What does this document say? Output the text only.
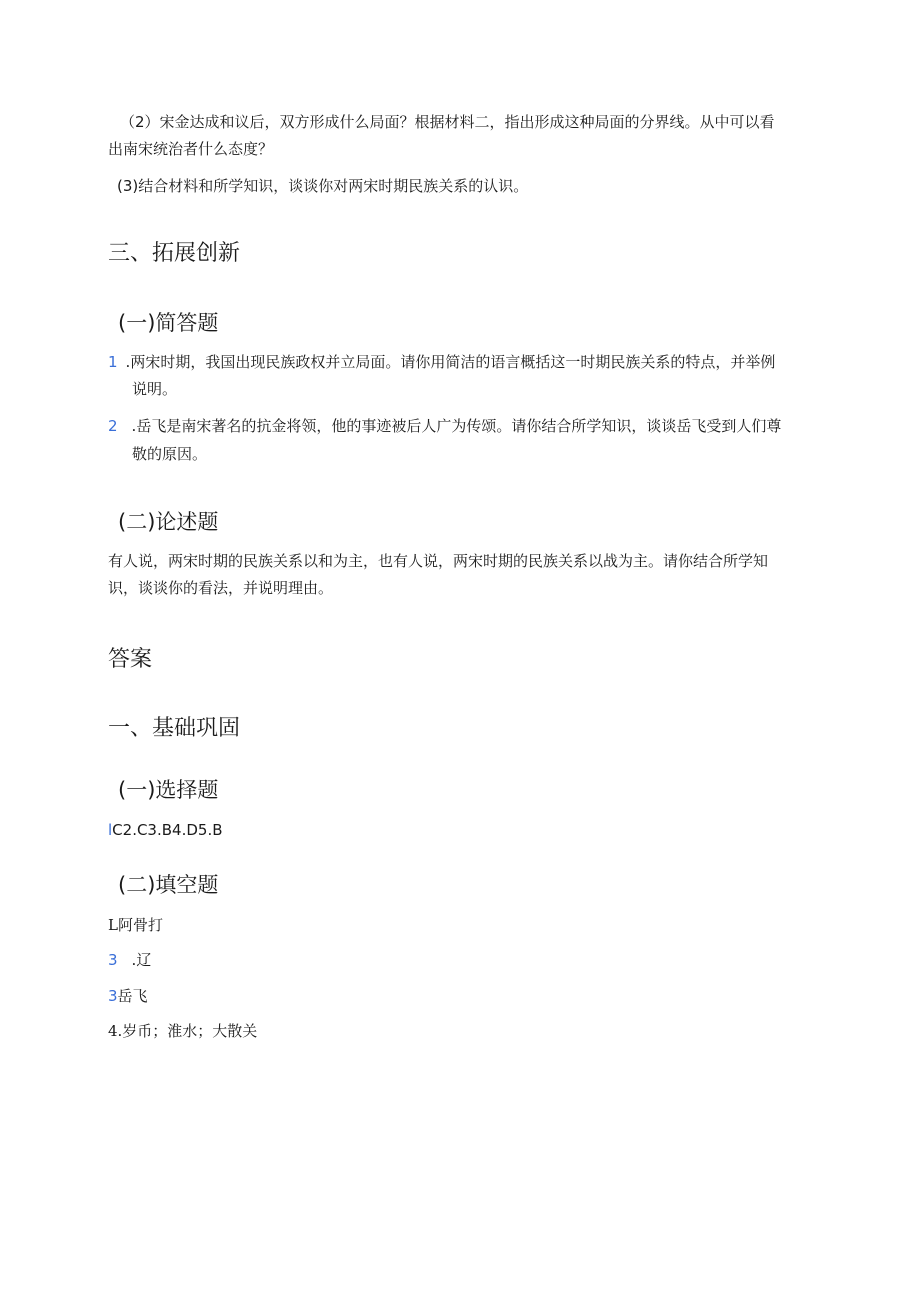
（2）宋金达成和议后，双方形成什么局面？根据材料二，指出形成这种局面的分界线。从中可以看
出南宋统治者什么态度？
(3)结合材料和所学知识，谈谈你对两宋时期民族关系的认识。
三、拓展创新
(一)简答题
1 .两宋时期，我国出现民族政权并立局面。请你用简洁的语言概括这一时期民族关系的特点，并举例
说明。
2 .岳飞是南宋著名的抗金将领，他的事迹被后人广为传颂。请你结合所学知识，谈谈岳飞受到人们尊
敬的原因。
(二)论述题
有人说，两宋时期的民族关系以和为主，也有人说，两宋时期的民族关系以战为主。请你结合所学知
识，谈谈你的看法，并说明理由。
答案
一、基础巩固
(一)选择题
lC2.C3.B4.D5.B
(二)填空题
L阿骨打
3 .辽
3岳飞
4.岁币；淮水；大散关
